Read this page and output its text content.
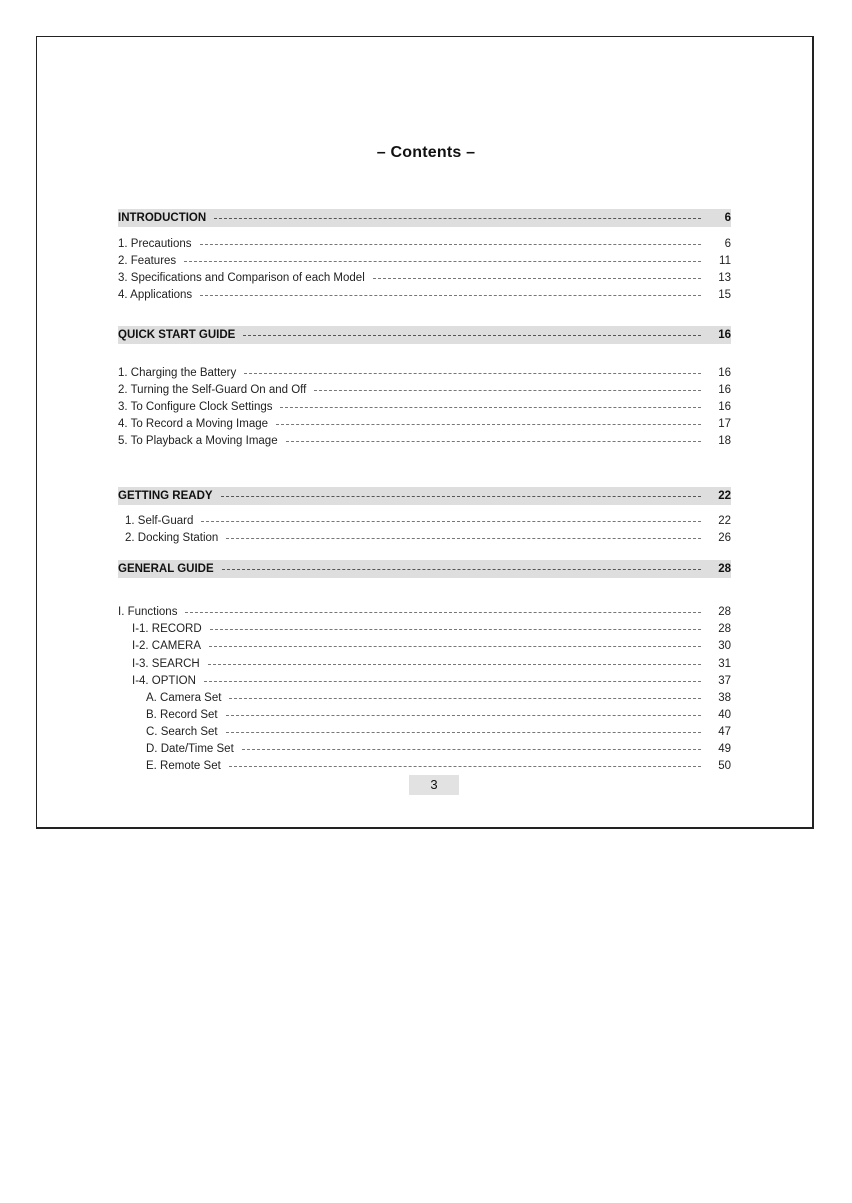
– Contents –
INTRODUCTION	6
1. Precautions	6
2. Features	11
3. Specifications and Comparison of each Model	13
4. Applications	15
QUICK START GUIDE	16
1. Charging the Battery	16
2. Turning the Self-Guard On and Off	16
3. To Configure Clock Settings	16
4. To Record a Moving Image	17
5. To Playback a Moving Image	18
GETTING READY	22
1. Self-Guard	22
2. Docking Station	26
GENERAL GUIDE	28
I. Functions	28
I-1. RECORD	28
I-2. CAMERA	30
I-3. SEARCH	31
I-4. OPTION	37
A. Camera Set	38
B. Record Set	40
C. Search Set	47
D. Date/Time Set	49
E. Remote Set	50
3
